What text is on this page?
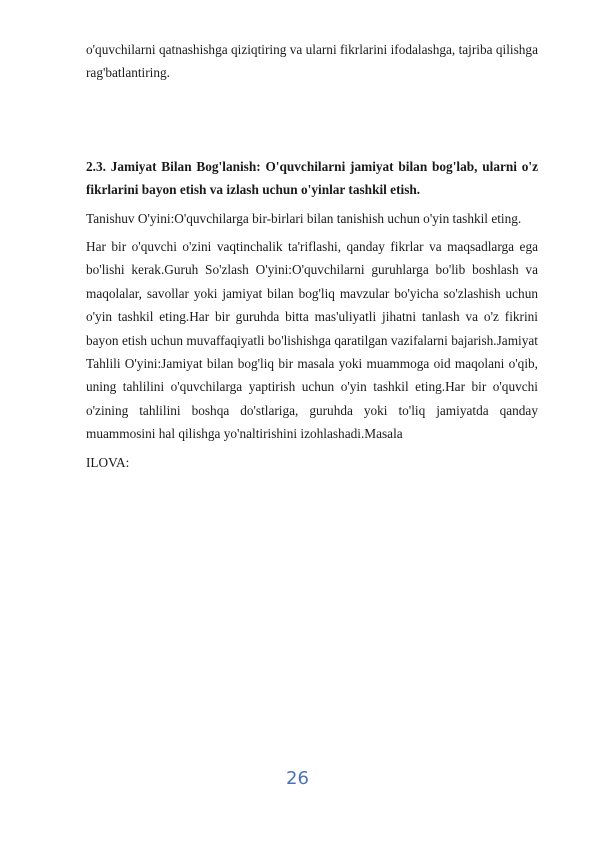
o'quvchilarni qatnashishga qiziqtiring va ularni fikrlarini ifodalashga, tajriba qilishga rag'batlantiring.

2.3. Jamiyat Bilan Bog'lanish: O'quvchilarni jamiyat bilan bog'lab, ularni o'z fikrlarini bayon etish va izlash uchun o'yinlar tashkil etish.

Tanishuv O'yini:O'quvchilarga bir-birlari bilan tanishish uchun o'yin tashkil eting.

Har bir o'quvchi o'zini vaqtinchalik ta'riflashi, qanday fikrlar va maqsadlarga ega bo'lishi kerak.Guruh So'zlash O'yini:O'quvchilarni guruhlarga bo'lib boshlash va maqolalar, savollar yoki jamiyat bilan bog'liq mavzular bo'yicha so'zlashish uchun o'yin tashkil eting.Har bir guruhda bitta mas'uliyatli jihatni tanlash va o'z fikrini bayon etish uchun muvaffaqiyatli bo'lishishga qaratilgan vazifalarni bajarish.Jamiyat Tahlili O'yini:Jamiyat bilan bog'liq bir masala yoki muammoga oid maqolani o'qib, uning tahlilini o'quvchilarga yaptirish uchun o'yin tashkil eting.Har bir o'quvchi o'zining tahlilini boshqa do'stlariga, guruhda yoki to'liq jamiyatda qanday muammosini hal qilishga yo'naltirishini izohlashadi.Masala

ILOVA:

26
